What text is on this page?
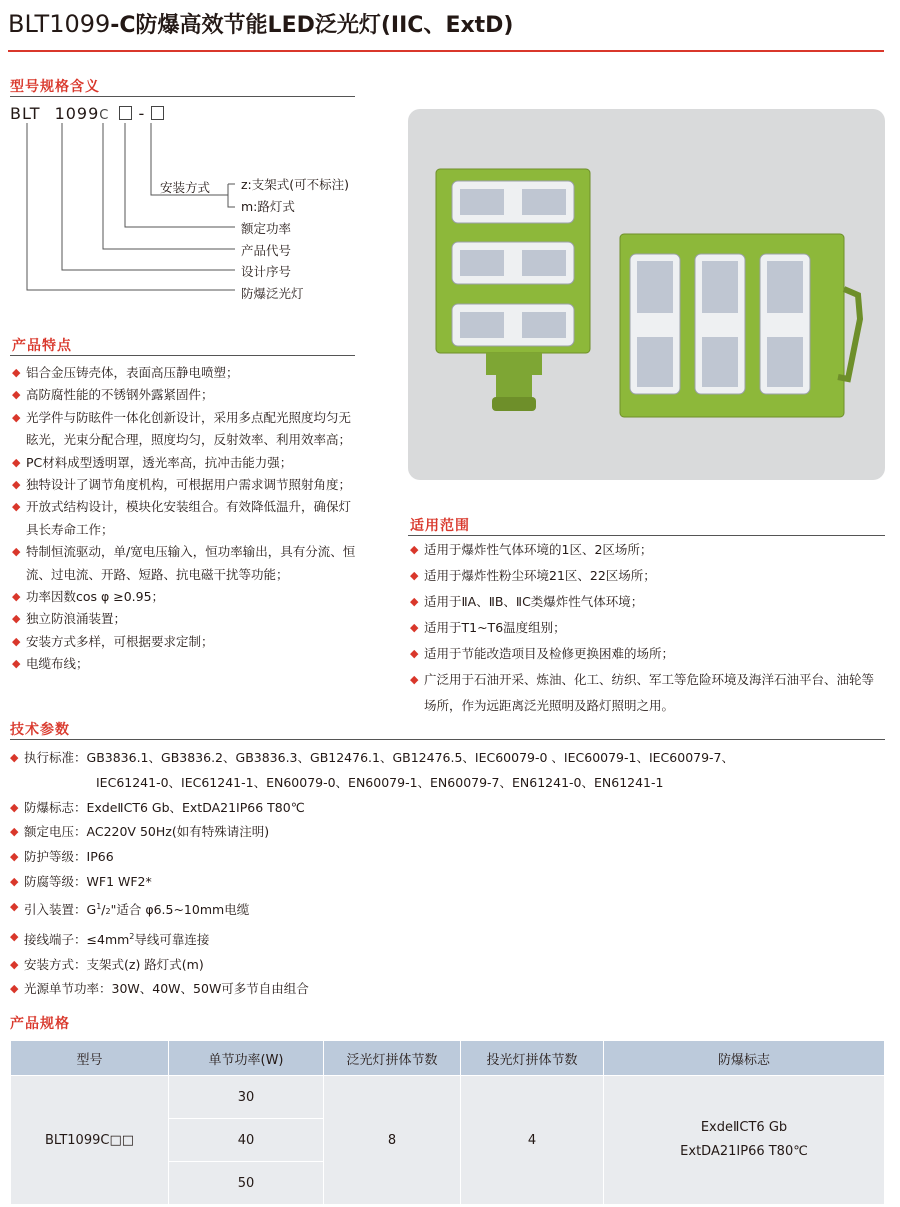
BLT1099-C防爆高效节能LED泛光灯(IIC、ExtD)
型号规格含义
BLT 1099C -
安装方式 z:支架式(可不标注)
m:路灯式
额定功率
产品代号
设计序号
防爆泛光灯
产品特点
◆ 铝合金压铸壳体，表面高压静电喷塑；
◆ 高防腐性能的不锈钢外露紧固件；
◆ 光学件与防眩件一体化创新设计，采用多点配光照度均匀无眩光，光束分配合理，照度均匀，反射效率、利用效率高；
◆ PC材料成型透明罩，透光率高，抗冲击能力强；
◆ 独特设计了调节角度机构，可根据用户需求调节照射角度；
◆ 开放式结构设计，模块化安装组合。有效降低温升，确保灯具长寿命工作；
◆ 特制恒流驱动，单/宽电压输入，恒功率输出，具有分流、恒流、过电流、开路、短路、抗电磁干扰等功能；
◆ 功率因数cos φ ≥0.95；
◆ 独立防浪涌装置；
◆ 安装方式多样，可根据要求定制；
◆ 电缆布线；
适用范围
◆ 适用于爆炸性气体环境的1区、2区场所；
◆ 适用于爆炸性粉尘环境21区、22区场所；
◆ 适用于ⅡA、ⅡB、ⅡC类爆炸性气体环境；
◆ 适用于T1~T6温度组别；
◆ 适用于节能改造项目及检修更换困难的场所；
◆ 广泛用于石油开采、炼油、化工、纺织、军工等危险环境及海洋石油平台、油轮等场所，作为远距离泛光照明及路灯照明之用。
技术参数
◆ 执行标准：GB3836.1、GB3836.2、GB3836.3、GB12476.1、GB12476.5、IEC60079-0 、IEC60079-1、IEC60079-7、
IEC61241-0、IEC61241-1、EN60079-0、EN60079-1、EN60079-7、EN61241-0、EN61241-1
◆ 防爆标志：ExdeⅡCT6 Gb、ExtDA21IP66 T80℃
◆ 额定电压：AC220V 50Hz(如有特殊请注明)
◆ 防护等级：IP66
◆ 防腐等级：WF1 WF2*
◆ 引入装置：$G^1/2$"适合 φ6.5~10mm电缆
◆ 接线端子：$\le 4mm^2$导线可靠连接
◆ 安装方式：支架式(z) 路灯式(m)
◆ 光源单节功率：30W、40W、50W可多节自由组合
产品规格
型号	单节功率(W)	泛光灯拼体节数	投光灯拼体节数	防爆标志
BLT1099C□□	30	8	4	ExdeⅡCT6 Gb
ExtDA21IP66 T80℃
	40			
	50			
